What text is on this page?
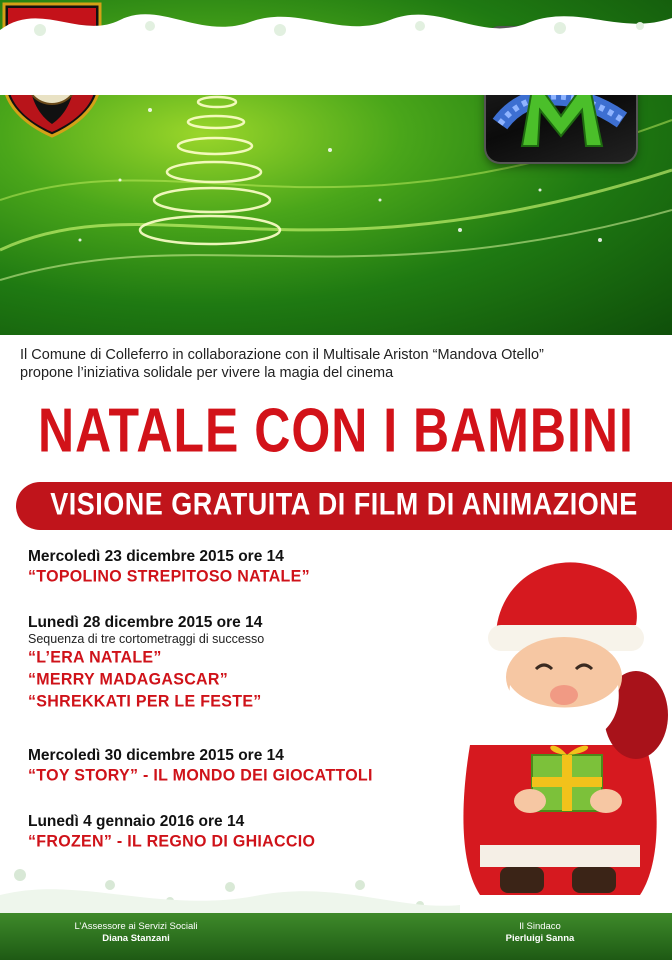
Il Comune di Colleferro in collaborazione con il Multisale Ariston “Mandova Otello”
propone l’iniziativa solidale per vivere la magia del cinema
NATALE CON I BAMBINI
VISIONE GRATUITA DI FILM DI ANIMAZIONE
Mercoledì 23 dicembre 2015 ore 14
“TOPOLINO STREPITOSO NATALE”
Lunedì 28 dicembre 2015 ore 14
Sequenza di tre cortometraggi di successo
“L’ERA NATALE”
“MERRY MADAGASCAR”
“SHREKKATI PER LE FESTE”
Mercoledì 30 dicembre 2015 ore 14
“TOY STORY” - IL MONDO DEI GIOCATTOLI
Lunedì 4 gennaio 2016 ore 14
“FROZEN” - IL REGNO DI GHIACCIO
L’Assessore ai Servizi Sociali
Diana Stanzani
Il Sindaco
Pierluigi Sanna
